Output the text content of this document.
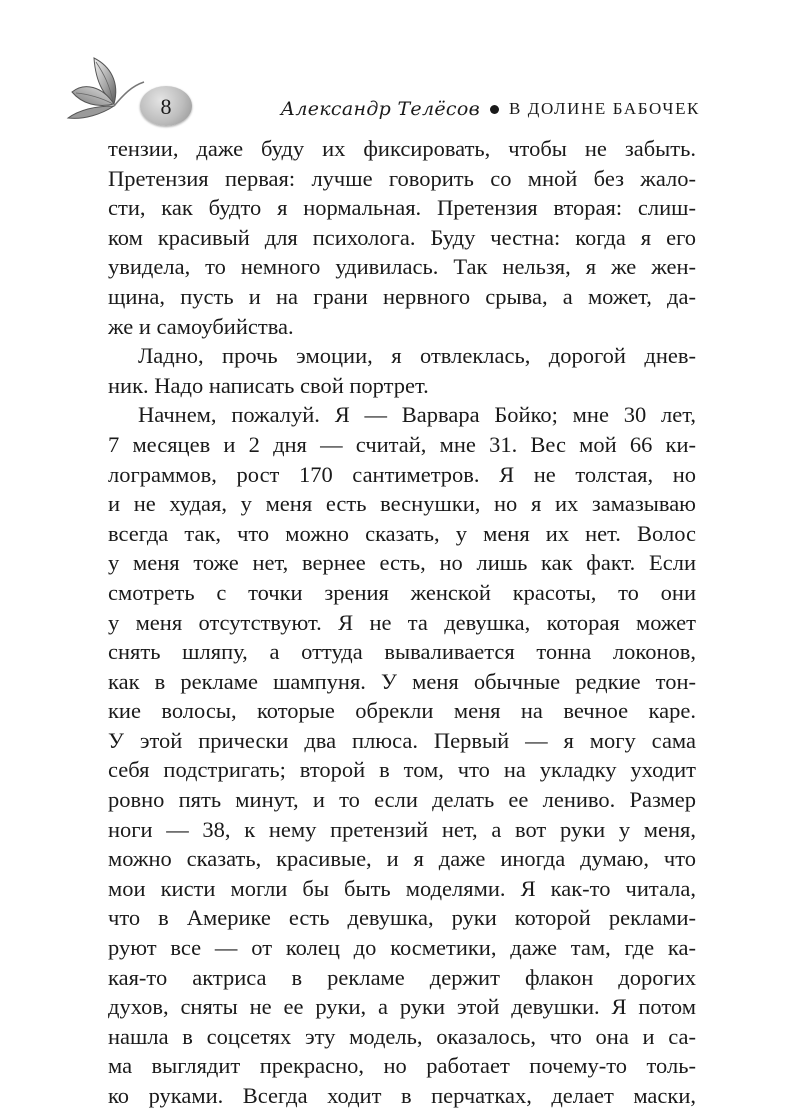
8	Александр Телёсов В ДОЛИНЕ БАБОЧЕК
тензии, даже буду их фиксировать, чтобы не забыть.
Претензия первая: лучше говорить со мной без жало-
сти, как будто я нормальная. Претензия вторая: слиш-
ком красивый для психолога. Буду честна: когда я его
увидела, то немного удивилась. Так нельзя, я же жен-
щина, пусть и на грани нервного срыва, а может, да-
же и самоубийства.
Ладно, прочь эмоции, я отвлеклась, дорогой днев-
ник. Надо написать свой портрет.
Начнем, пожалуй. Я — Варвара Бойко; мне 30 лет,
7 месяцев и 2 дня — считай, мне 31. Вес мой 66 ки-
лограммов, рост 170 сантиметров. Я не толстая, но
и не худая, у меня есть веснушки, но я их замазываю
всегда так, что можно сказать, у меня их нет. Волос
у меня тоже нет, вернее есть, но лишь как факт. Если
смотреть с точки зрения женской красоты, то они
у меня отсутствуют. Я не та девушка, которая может
снять шляпу, а оттуда вываливается тонна локонов,
как в рекламе шампуня. У меня обычные редкие тон-
кие волосы, которые обрекли меня на вечное каре.
У этой прически два плюса. Первый — я могу сама
себя подстригать; второй в том, что на укладку уходит
ровно пять минут, и то если делать ее лениво. Размер
ноги — 38, к нему претензий нет, а вот руки у меня,
можно сказать, красивые, и я даже иногда думаю, что
мои кисти могли бы быть моделями. Я как-то читала,
что в Америке есть девушка, руки которой реклами-
руют все — от колец до косметики, даже там, где ка-
кая-то актриса в рекламе держит флакон дорогих
духов, сняты не ее руки, а руки этой девушки. Я потом
нашла в соцсетях эту модель, оказалось, что она и са-
ма выглядит прекрасно, но работает почему-то толь-
ко руками. Всегда ходит в перчатках, делает маски,
